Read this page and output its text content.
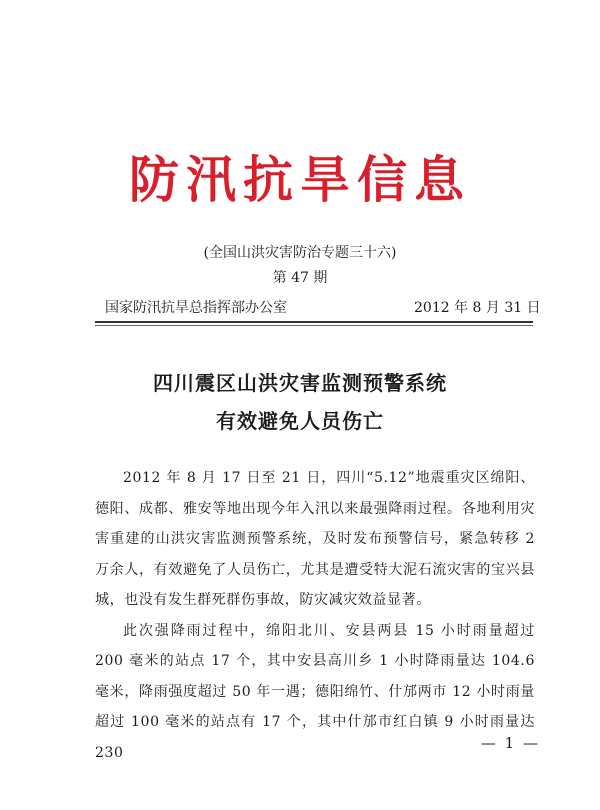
防汛抗旱信息
(全国山洪灾害防治专题三十六)
第 47 期
国家防汛抗旱总指挥部办公室	2012 年 8 月 31 日
四川震区山洪灾害监测预警系统
有效避免人员伤亡

2012 年 8 月 17 日至 21 日，四川“5.12”地震重灾区绵阳、德阳、成都、雅安等地出现今年入汛以来最强降雨过程。各地利用灾害重建的山洪灾害监测预警系统，及时发布预警信号，紧急转移 2 万余人，有效避免了人员伤亡，尤其是遭受特大泥石流灾害的宝兴县城，也没有发生群死群伤事故，防灾减灾效益显著。

此次强降雨过程中，绵阳北川、安县两县 15 小时雨量超过 200 毫米的站点 17 个，其中安县高川乡 1 小时降雨量达 104.6 毫米，降雨强度超过 50 年一遇；德阳绵竹、什邡两市 12 小时雨量超过 100 毫米的站点有 17 个，其中什邡市红白镇 9 小时雨量达 230

— 1 —
